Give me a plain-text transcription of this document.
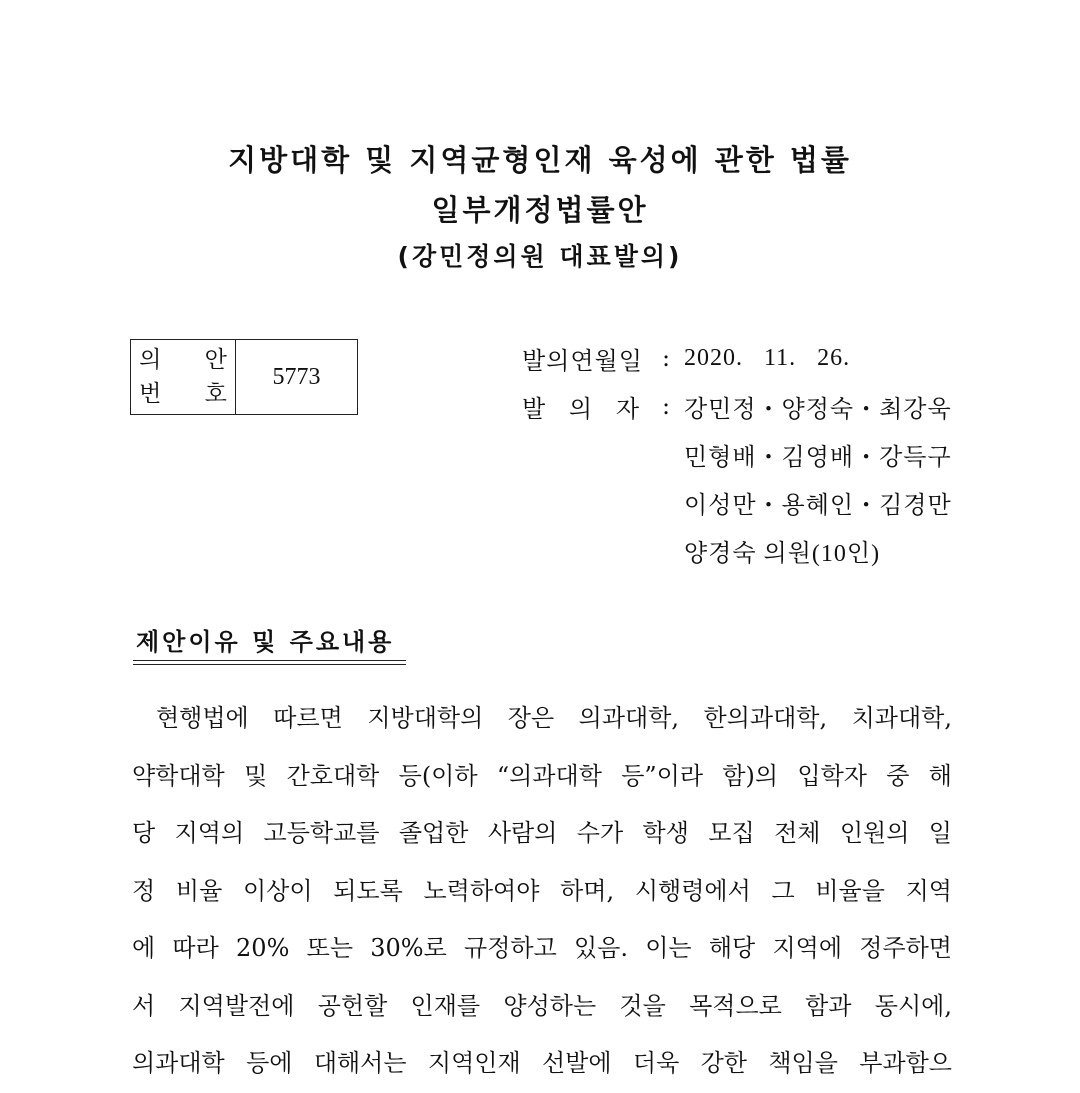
지방대학 및 지역균형인재 육성에 관한 법률
일부개정법률안
(강민정의원 대표발의)
의 안
번 호
5773
발의연월일 : 2020. 11. 26.
발 의 자 : 강민정・양정숙・최강욱
민형배・김영배・강득구
이성만・용혜인・김경만
양경숙 의원(10인)
제안이유 및 주요내용
현행법에 따르면 지방대학의 장은 의과대학, 한의과대학, 치과대학,
약학대학 및 간호대학 등(이하 “의과대학 등”이라 함)의 입학자 중 해
당 지역의 고등학교를 졸업한 사람의 수가 학생 모집 전체 인원의 일
정 비율 이상이 되도록 노력하여야 하며, 시행령에서 그 비율을 지역
에 따라 20% 또는 30%로 규정하고 있음. 이는 해당 지역에 정주하면
서 지역발전에 공헌할 인재를 양성하는 것을 목적으로 함과 동시에,
의과대학 등에 대해서는 지역인재 선발에 더욱 강한 책임을 부과함으
